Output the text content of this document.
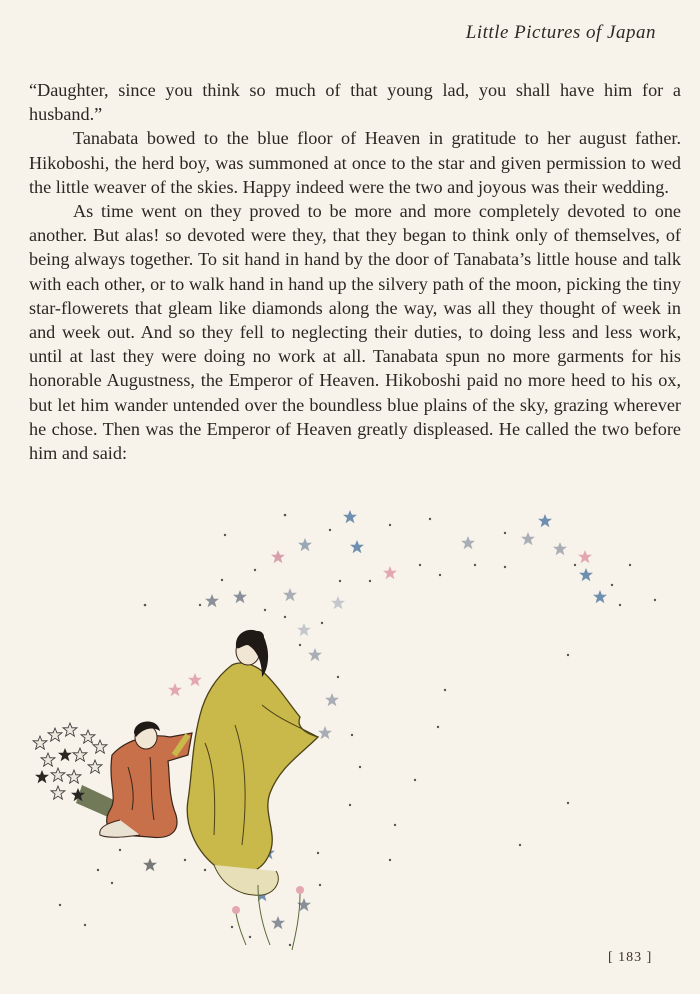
Little Pictures of Japan

“Daughter, since you think so much of that young lad, you shall have him for a husband.”

Tanabata bowed to the blue floor of Heaven in gratitude to her august father. Hikoboshi, the herd boy, was summoned at once to the star and given permission to wed the little weaver of the skies. Happy indeed were the two and joyous was their wedding.

As time went on they proved to be more and more completely devoted to one another. But alas! so devoted were they, that they began to think only of themselves, of being always together. To sit hand in hand by the door of Tanabata’s little house and talk with each other, or to walk hand in hand up the silvery path of the moon, picking the tiny star-flowerets that gleam like diamonds along the way, was all they thought of week in and week out. And so they fell to neglecting their duties, to doing less and less work, until at last they were doing no work at all. Tanabata spun no more garments for his honorable Augustness, the Emperor of Heaven. Hikoboshi paid no more heed to his ox, but let him wander untended over the boundless blue plains of the sky, grazing wherever he chose. Then was the Emperor of Heaven greatly displeased. He called the two before him and said:

[ 183 ]
